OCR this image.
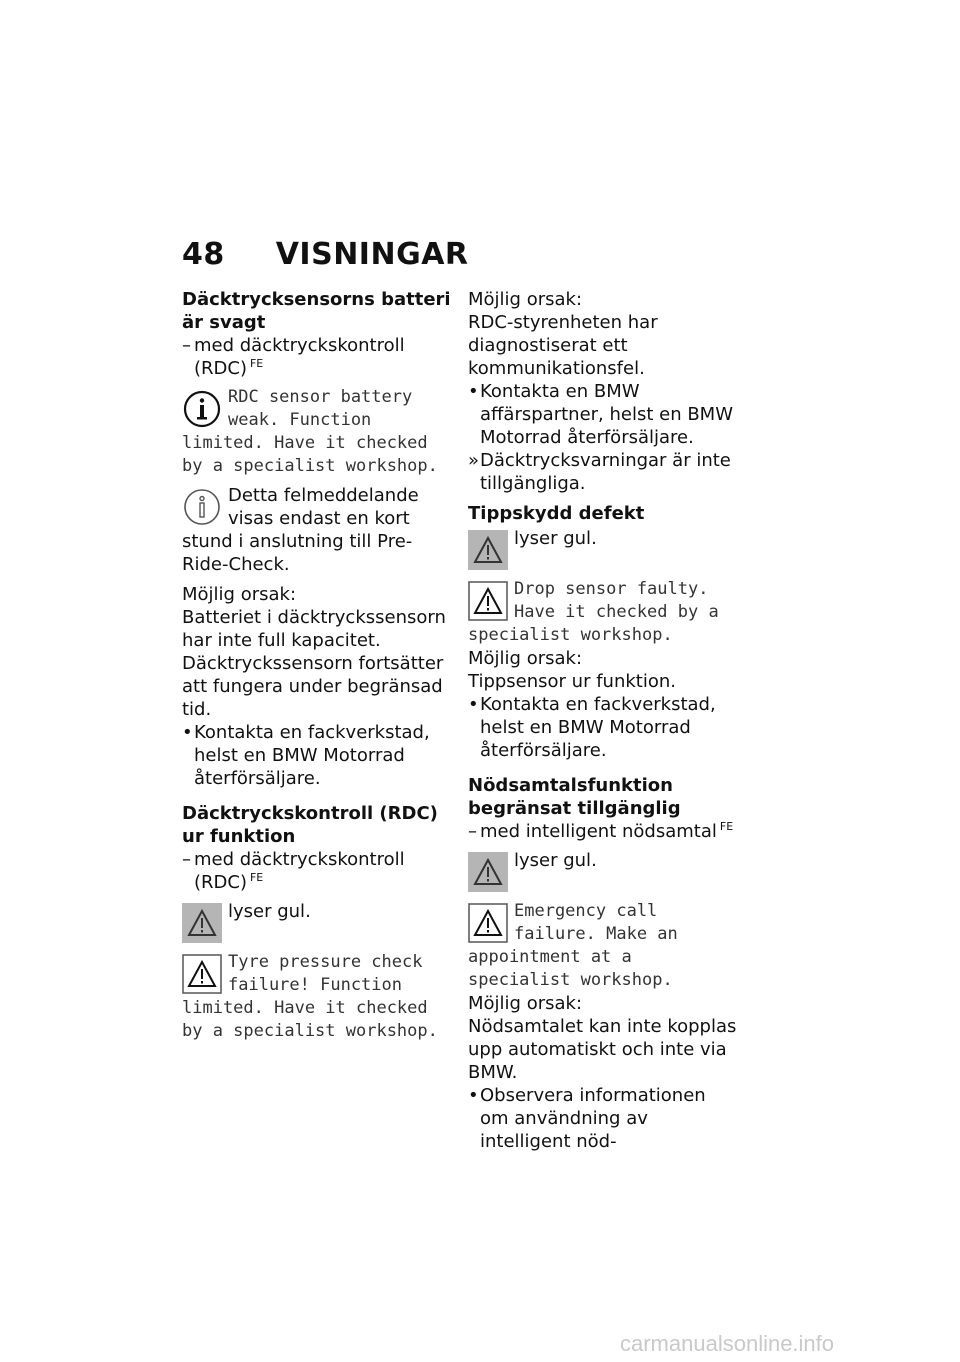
48 VISNINGAR

Däcktrycksensorns batteri är svagt

– med däcktryckskontroll (RDC) $^{FE}$

RDC sensor battery weak. Function limited. Have it checked by a specialist workshop.

Detta felmeddelande visas endast en kort stund i anslutning till Pre-Ride-Check.

Möjlig orsak:

Batteriet i däcktryckssensorn har inte full kapacitet. Däcktryckssensorn fortsätter att fungera under begränsad tid.

• Kontakta en fackverkstad, helst en BMW Motorrad återförsäljare.

Däcktryckskontroll (RDC) ur funktion

– med däcktryckskontroll (RDC) $^{FE}$

lyser gul.

Tyre pressure check failure! Function limited. Have it checked by a specialist workshop.

Möjlig orsak:

RDC-styrenheten har diagnostiserat ett kommunikationsfel.

• Kontakta en BMW affärspartner, helst en BMW Motorrad återförsäljare.

» Däcktrycksvarningar är inte tillgängliga.

Tippskydd defekt

lyser gul.

Drop sensor faulty. Have it checked by a specialist workshop.

Möjlig orsak:

Tippsensor ur funktion.

• Kontakta en fackverkstad, helst en BMW Motorrad återförsäljare.

Nödsamtalsfunktion begränsat tillgänglig

– med intelligent nödsamtal $^{FE}$

lyser gul.

Emergency call failure. Make an appointment at a specialist workshop.

Möjlig orsak:

Nödsamtalet kan inte kopplas upp automatiskt och inte via BMW.

• Observera informationen om användning av intelligent nöd-

carmanualsonline.info
